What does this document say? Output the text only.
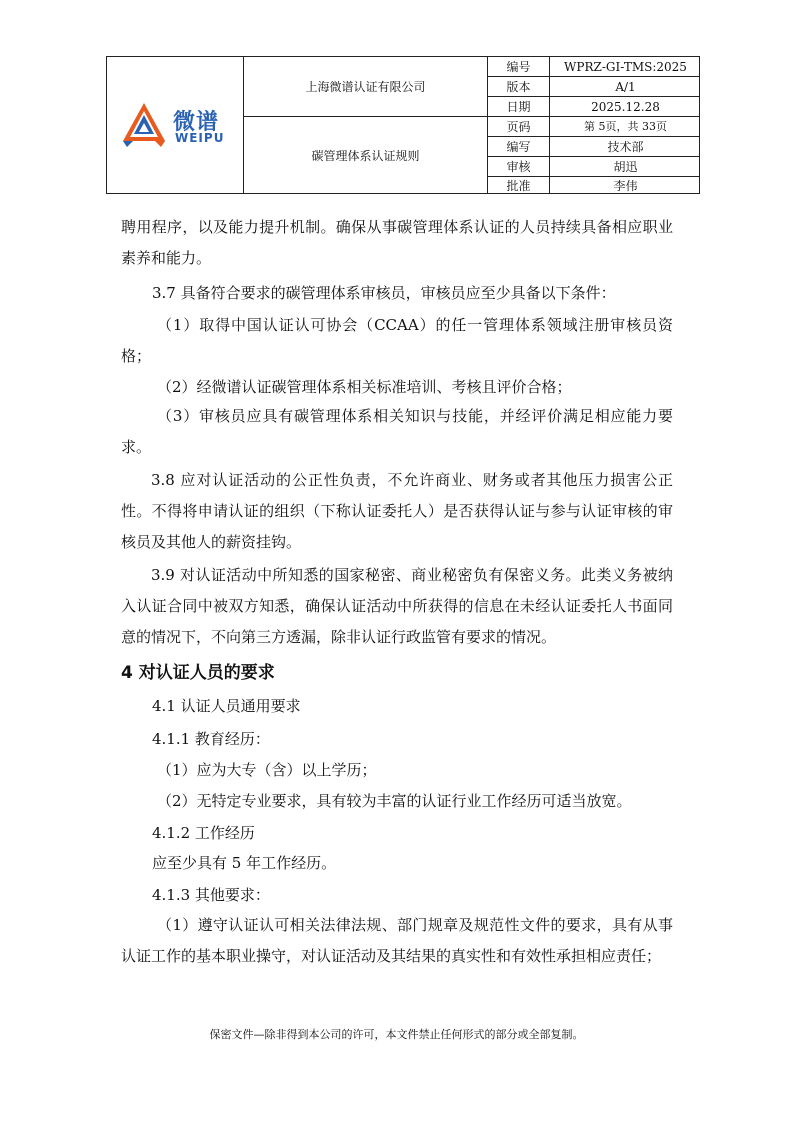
微谱
WEIPU
上海微谱认证有限公司
碳管理体系认证规则
编号	WPRZ-GI-TMS:2025
版本	A/1
日期	2025.12.28
页码	第 5页，共 33页
编写	技术部
审核	胡迅
批准	李伟
聘用程序，以及能力提升机制。确保从事碳管理体系认证的人员持续具备相应职业素养和能力。
3.7 具备符合要求的碳管理体系审核员，审核员应至少具备以下条件：
（1）取得中国认证认可协会（CCAA）的任一管理体系领域注册审核员资格；
（2）经微谱认证碳管理体系相关标准培训、考核且评价合格；
（3）审核员应具有碳管理体系相关知识与技能，并经评价满足相应能力要求。
3.8 应对认证活动的公正性负责，不允许商业、财务或者其他压力损害公正性。不得将申请认证的组织（下称认证委托人）是否获得认证与参与认证审核的审核员及其他人的薪资挂钩。
3.9 对认证活动中所知悉的国家秘密、商业秘密负有保密义务。此类义务被纳入认证合同中被双方知悉，确保认证活动中所获得的信息在未经认证委托人书面同意的情况下，不向第三方透漏，除非认证行政监管有要求的情况。
4 对认证人员的要求
4.1 认证人员通用要求
4.1.1 教育经历：
（1）应为大专（含）以上学历；
（2）无特定专业要求，具有较为丰富的认证行业工作经历可适当放宽。
4.1.2 工作经历
应至少具有 5 年工作经历。
4.1.3 其他要求：
（1）遵守认证认可相关法律法规、部门规章及规范性文件的要求，具有从事认证工作的基本职业操守，对认证活动及其结果的真实性和有效性承担相应责任；
保密文件—除非得到本公司的许可，本文件禁止任何形式的部分或全部复制。
